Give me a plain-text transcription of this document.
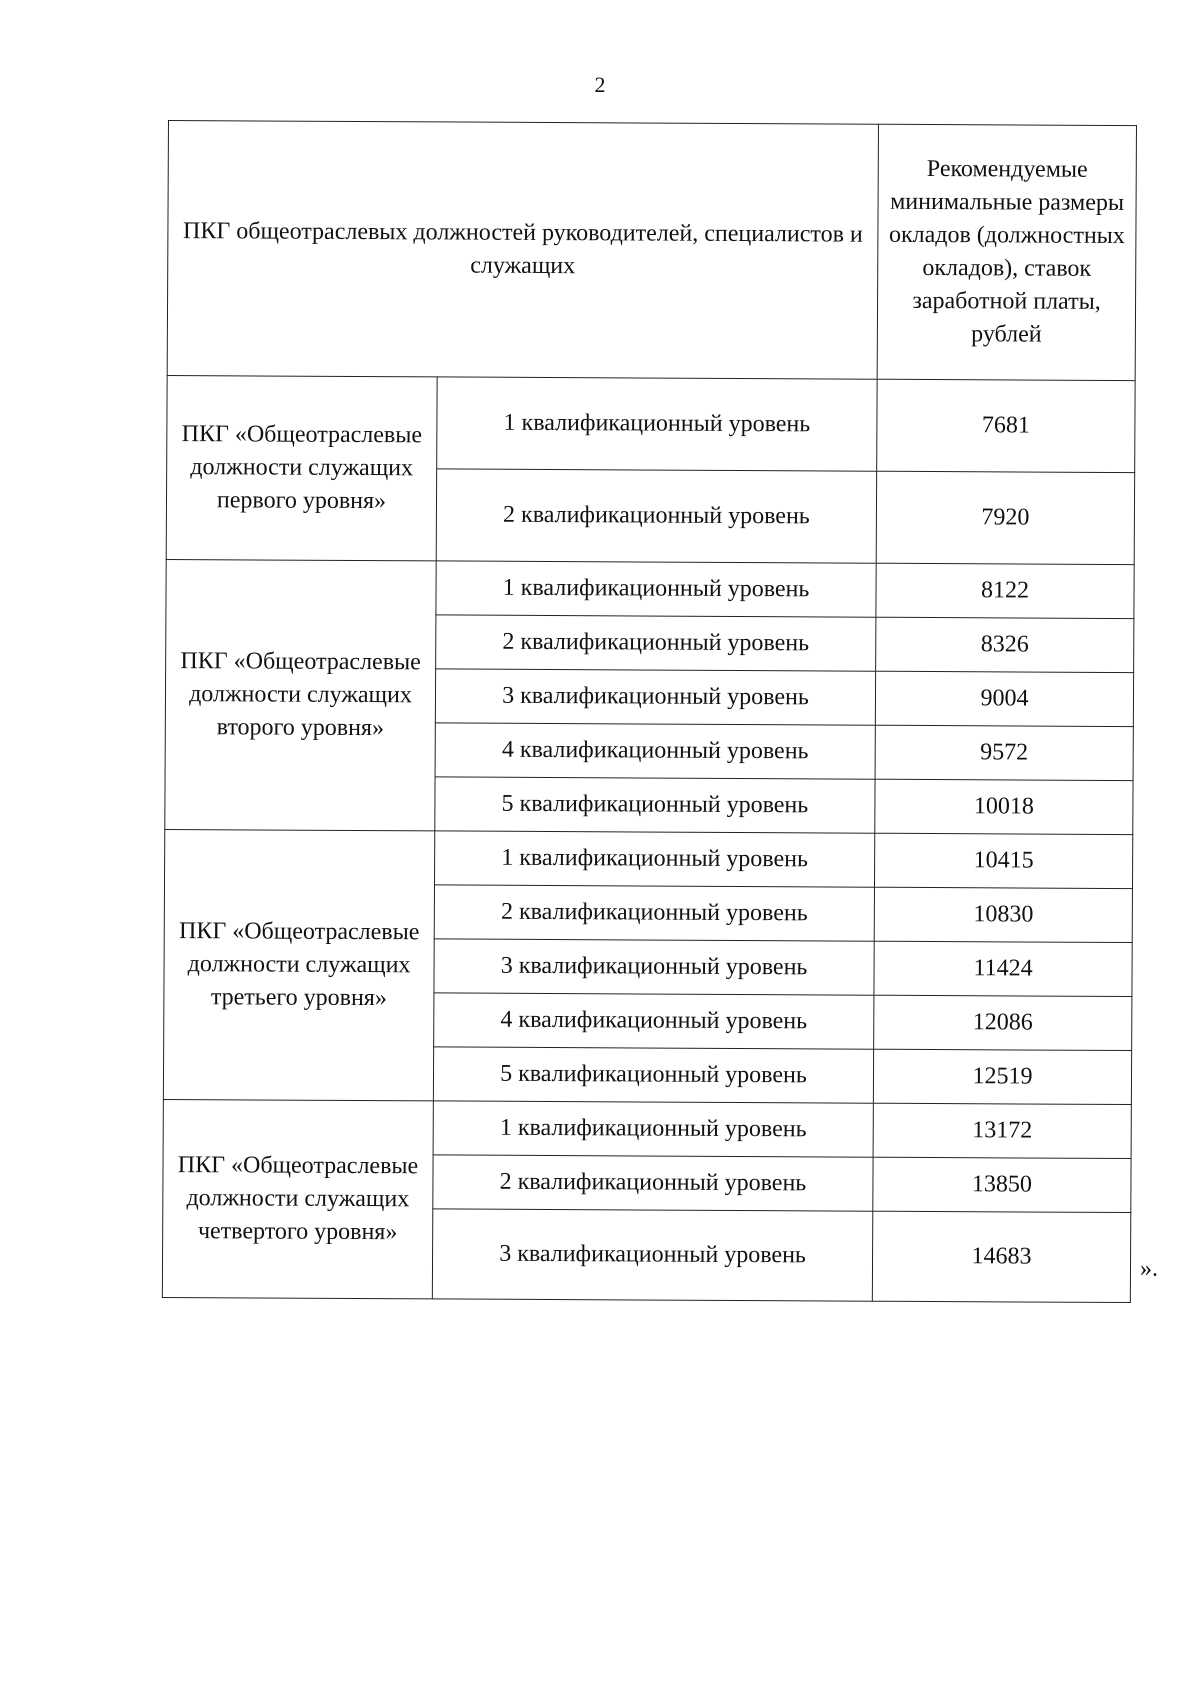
2
ПКГ общеотраслевых должностей руководителей, специалистов и служащих		Рекомендуемые минимальные размеры окладов (должностных окладов), ставок заработной платы, рублей
ПКГ «Общеотраслевые должности служащих первого уровня»	1 квалификационный уровень	7681
	2 квалификационный уровень	7920
ПКГ «Общеотраслевые должности служащих второго уровня»	1 квалификационный уровень	8122
	2 квалификационный уровень	8326
	3 квалификационный уровень	9004
	4 квалификационный уровень	9572
	5 квалификационный уровень	10018
ПКГ «Общеотраслевые должности служащих третьего уровня»	1 квалификационный уровень	10415
	2 квалификационный уровень	10830
	3 квалификационный уровень	11424
	4 квалификационный уровень	12086
	5 квалификационный уровень	12519
ПКГ «Общеотраслевые должности служащих четвертого уровня»	1 квалификационный уровень	13172
	2 квалификационный уровень	13850
	3 квалификационный уровень	14683	».
